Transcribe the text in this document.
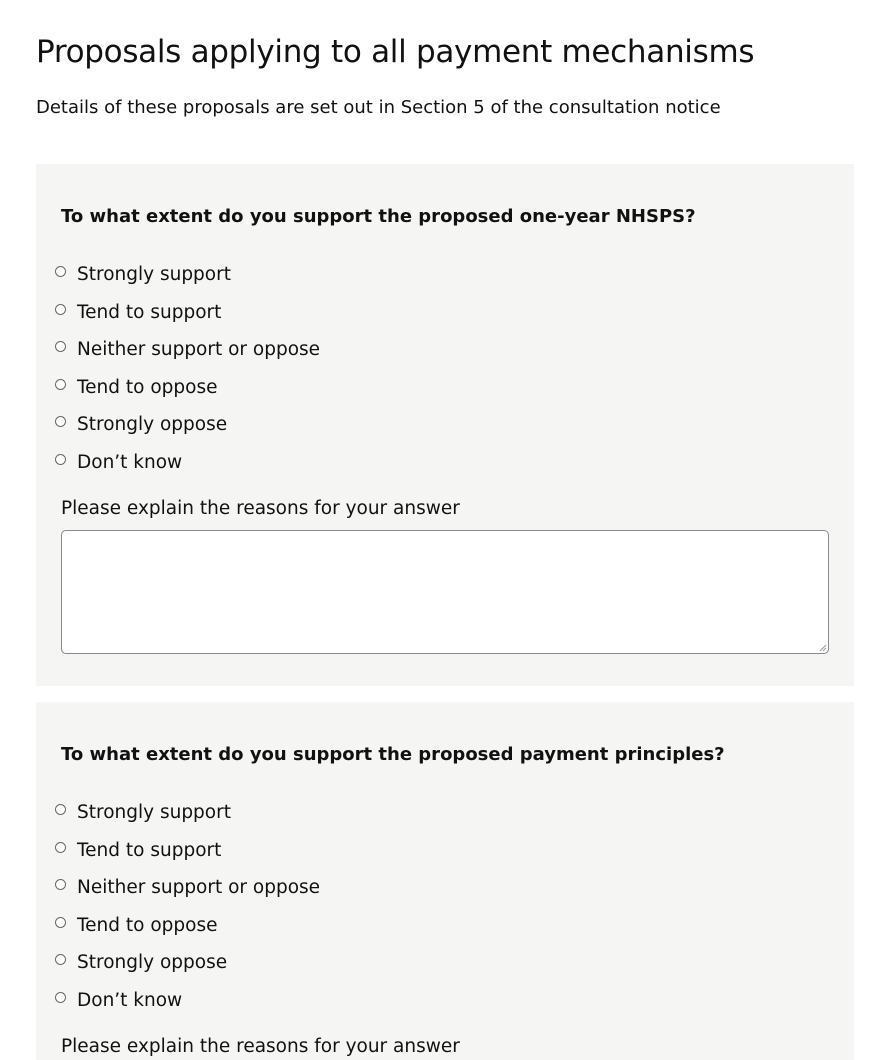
Proposals applying to all payment mechanisms

Details of these proposals are set out in Section 5 of the consultation notice

To what extent do you support the proposed one-year NHSPS?
Strongly support
Tend to support
Neither support or oppose
Tend to oppose
Strongly oppose
Don’t know

Please explain the reasons for your answer

To what extent do you support the proposed payment principles?
Strongly support
Tend to support
Neither support or oppose
Tend to oppose
Strongly oppose
Don’t know

Please explain the reasons for your answer
